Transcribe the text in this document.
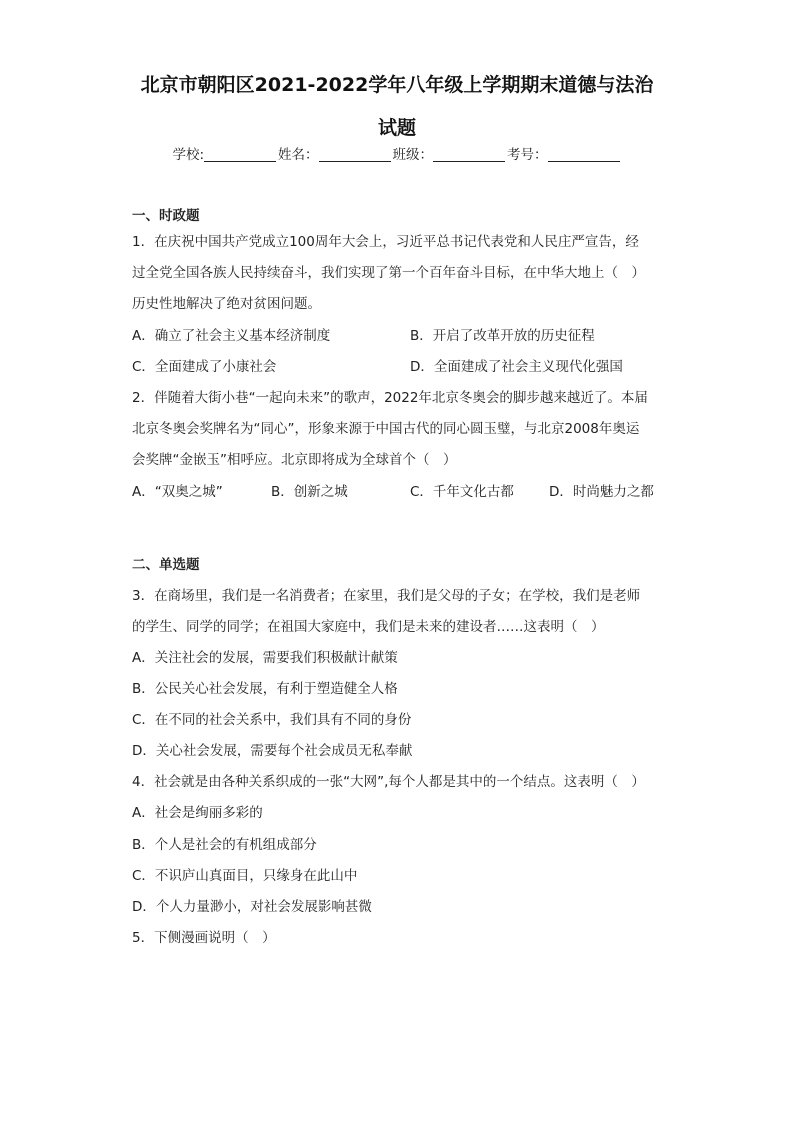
北京市朝阳区2021-2022学年八年级上学期期末道德与法治
试题
学校:	姓名：	班级：	考号：
一、时政题
1．在庆祝中国共产党成立100周年大会上，习近平总书记代表党和人民庄严宣告，经
过全党全国各族人民持续奋斗，我们实现了第一个百年奋斗目标，在中华大地上（　）
历史性地解决了绝对贫困问题。
A．确立了社会主义基本经济制度	B．开启了改革开放的历史征程
C．全面建成了小康社会	D．全面建成了社会主义现代化强国
2．伴随着大街小巷“一起向未来”的歌声，2022年北京冬奥会的脚步越来越近了。本届
北京冬奥会奖牌名为“同心”，形象来源于中国古代的同心圆玉璧，与北京2008年奥运
会奖牌“金嵌玉”相呼应。北京即将成为全球首个（　）
A．“双奥之城”	B．创新之城	C．千年文化古都	D．时尚魅力之都
二、单选题
3．在商场里，我们是一名消费者；在家里，我们是父母的子女；在学校，我们是老师
的学生、同学的同学；在祖国大家庭中，我们是未来的建设者……这表明（　）
A．关注社会的发展，需要我们积极献计献策
B．公民关心社会发展，有利于塑造健全人格
C．在不同的社会关系中，我们具有不同的身份
D．关心社会发展，需要每个社会成员无私奉献
4．社会就是由各种关系织成的一张“大网”,每个人都是其中的一个结点。这表明（　）
A．社会是绚丽多彩的
B．个人是社会的有机组成部分
C．不识庐山真面目，只缘身在此山中
D．个人力量渺小，对社会发展影响甚微
5．下侧漫画说明（　）
